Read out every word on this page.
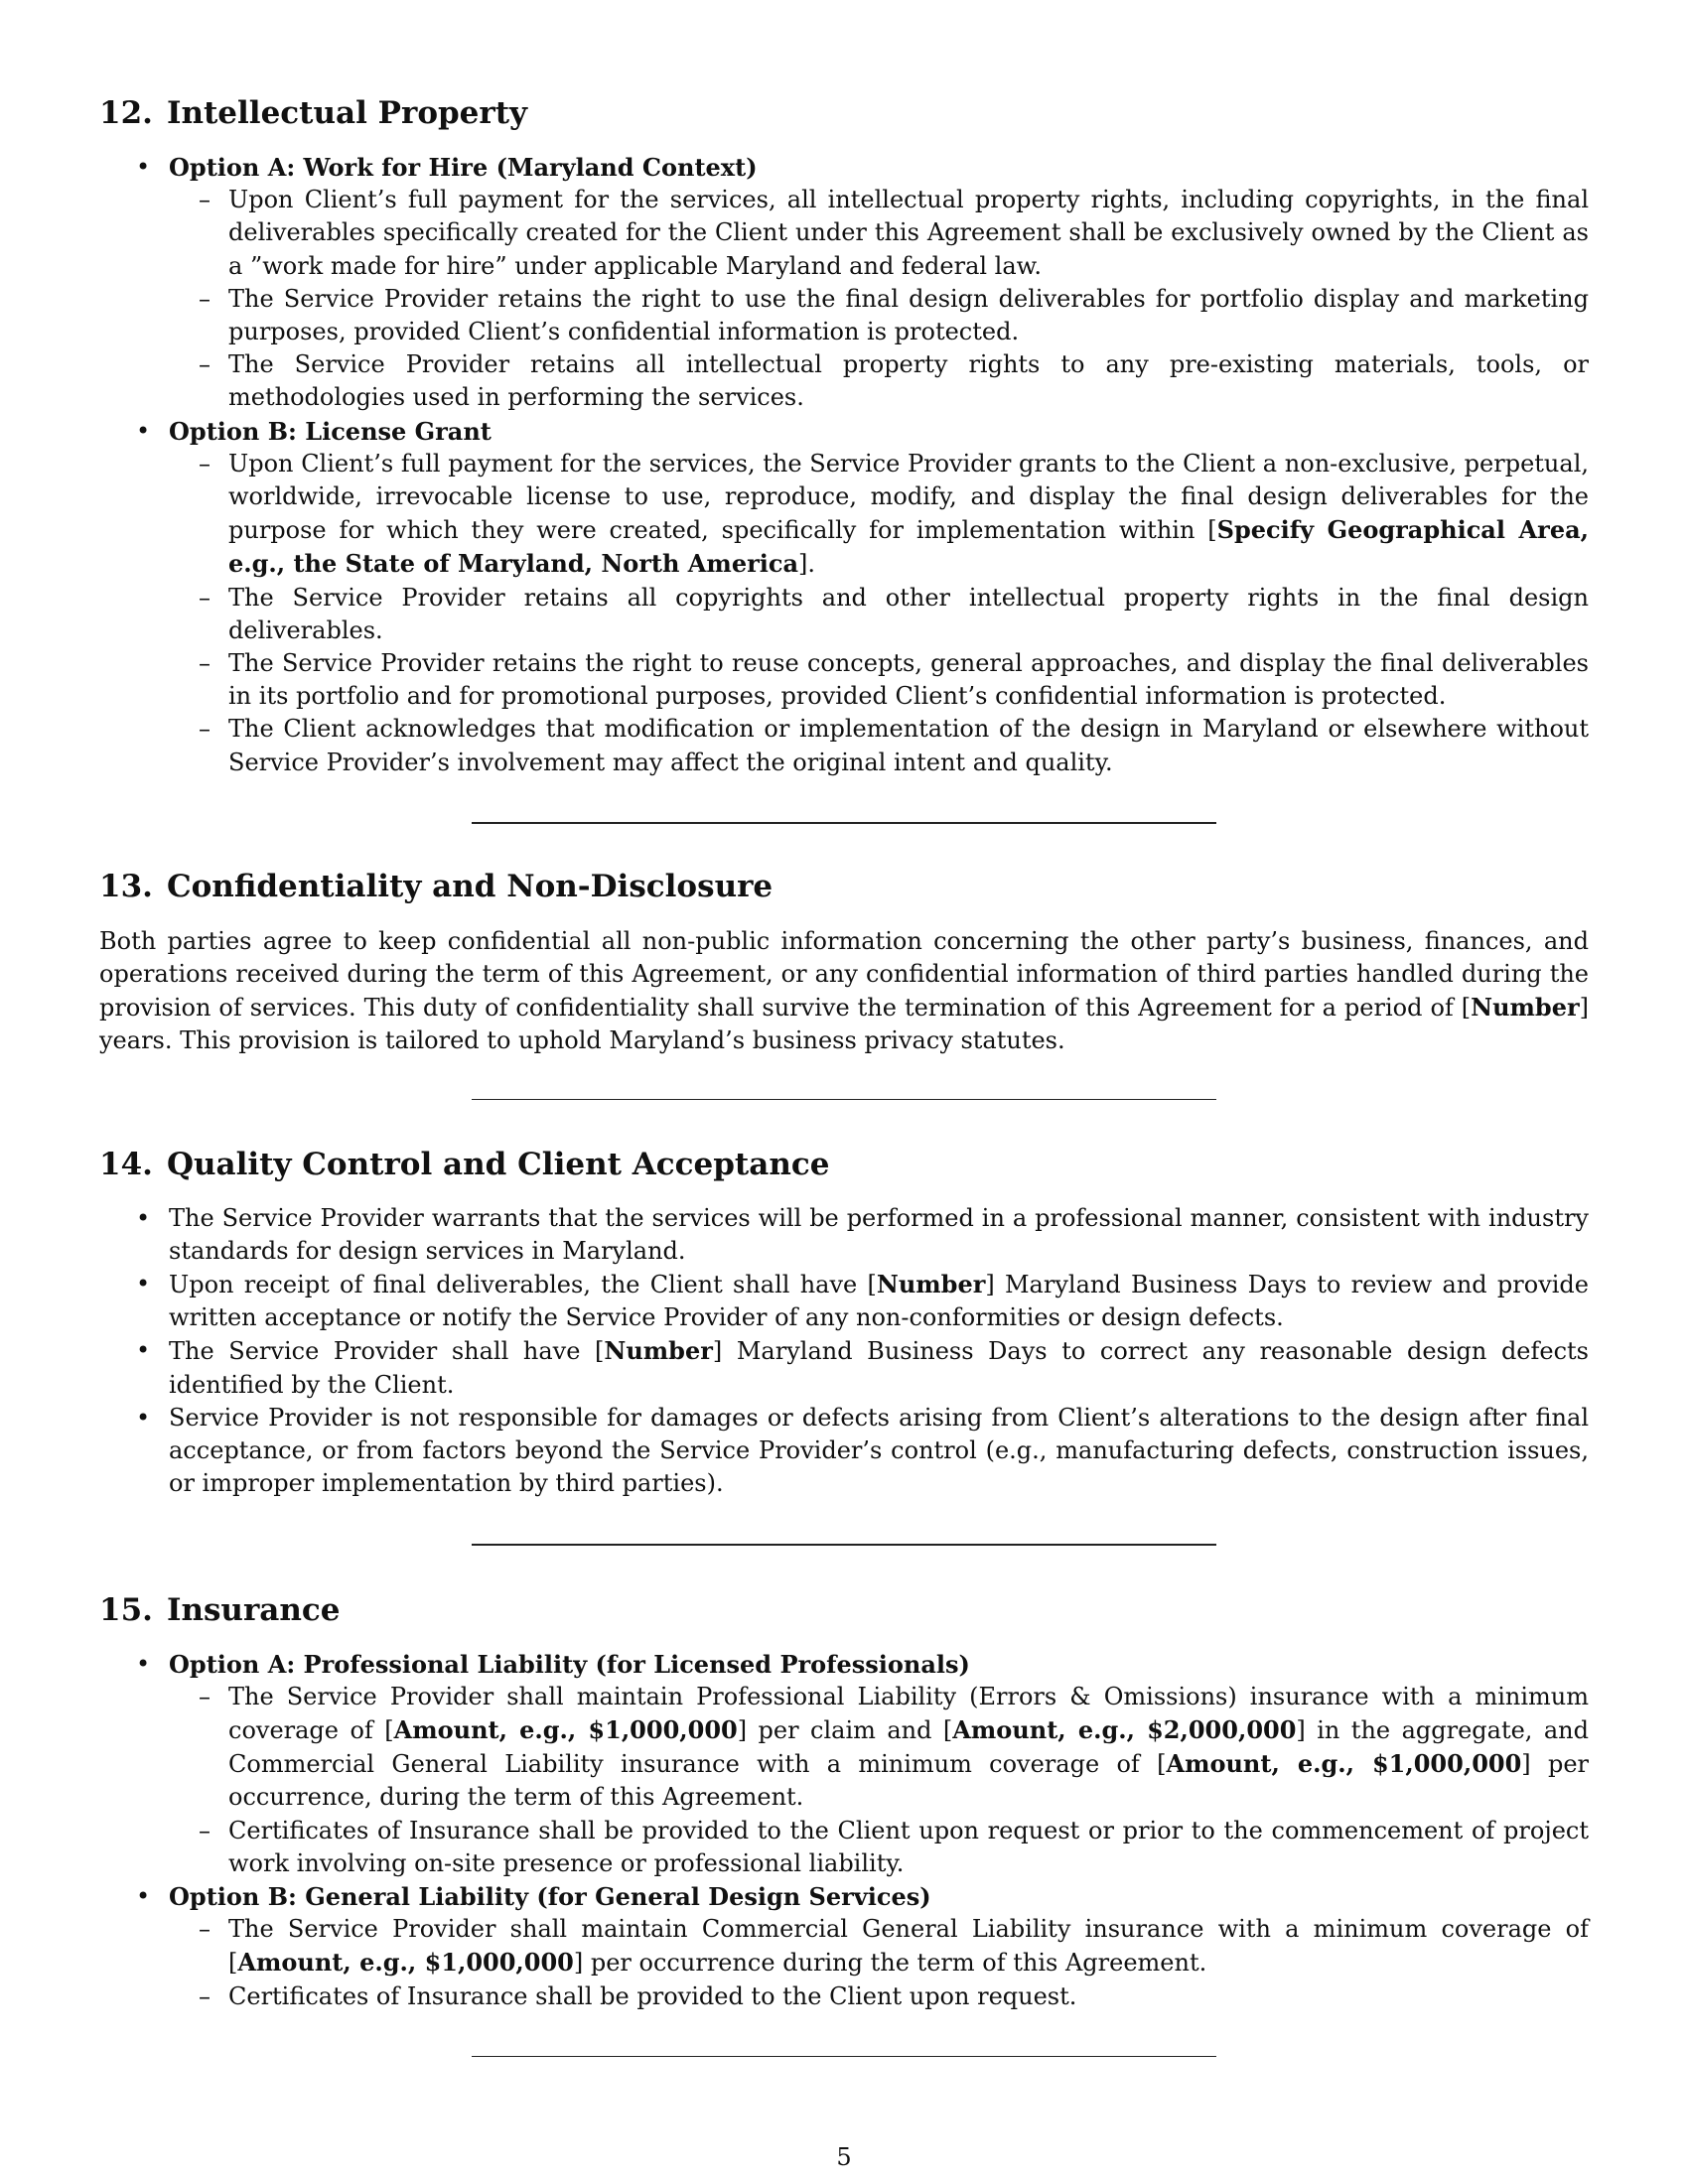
12. Intellectual Property
• Option A: Work for Hire (Maryland Context)
– Upon Client’s full payment for the services, all intellectual property rights, including copyrights, in the final deliverables specifically created for the Client under this Agreement shall be exclusively owned by the Client as a ”work made for hire” under applicable Maryland and federal law.
– The Service Provider retains the right to use the final design deliverables for portfolio display and marketing purposes, provided Client’s confidential information is protected.
– The Service Provider retains all intellectual property rights to any pre-existing materials, tools, or methodologies used in performing the services.
• Option B: License Grant
– Upon Client’s full payment for the services, the Service Provider grants to the Client a non-exclusive, perpetual, worldwide, irrevocable license to use, reproduce, modify, and display the final design deliverables for the purpose for which they were created, specifically for implementation within [Specify Geographical Area, e.g., the State of Maryland, North America].
– The Service Provider retains all copyrights and other intellectual property rights in the final design deliverables.
– The Service Provider retains the right to reuse concepts, general approaches, and display the final deliverables in its portfolio and for promotional purposes, provided Client’s confidential information is protected.
– The Client acknowledges that modification or implementation of the design in Maryland or elsewhere without Service Provider’s involvement may affect the original intent and quality.
13. Confidentiality and Non-Disclosure

Both parties agree to keep confidential all non-public information concerning the other party’s business, finances, and operations received during the term of this Agreement, or any confidential information of third parties handled during the provision of services. This duty of confidentiality shall survive the termination of this Agreement for a period of [Number] years. This provision is tailored to uphold Maryland’s business privacy statutes.

14. Quality Control and Client Acceptance
• The Service Provider warrants that the services will be performed in a professional manner, consistent with industry standards for design services in Maryland.
• Upon receipt of final deliverables, the Client shall have [Number] Maryland Business Days to review and provide written acceptance or notify the Service Provider of any non-conformities or design defects.
• The Service Provider shall have [Number] Maryland Business Days to correct any reasonable design defects identified by the Client.
• Service Provider is not responsible for damages or defects arising from Client’s alterations to the design after final acceptance, or from factors beyond the Service Provider’s control (e.g., manufacturing defects, construction issues, or improper implementation by third parties).
15. Insurance
• Option A: Professional Liability (for Licensed Professionals)
– The Service Provider shall maintain Professional Liability (Errors & Omissions) insurance with a minimum coverage of [Amount, e.g., $1,000,000] per claim and [Amount, e.g., $2,000,000] in the aggregate, and Commercial General Liability insurance with a minimum coverage of [Amount, e.g., $1,000,000] per occurrence, during the term of this Agreement.
– Certificates of Insurance shall be provided to the Client upon request or prior to the commencement of project work involving on-site presence or professional liability.
• Option B: General Liability (for General Design Services)
– The Service Provider shall maintain Commercial General Liability insurance with a minimum coverage of [Amount, e.g., $1,000,000] per occurrence during the term of this Agreement.
– Certificates of Insurance shall be provided to the Client upon request.
5
